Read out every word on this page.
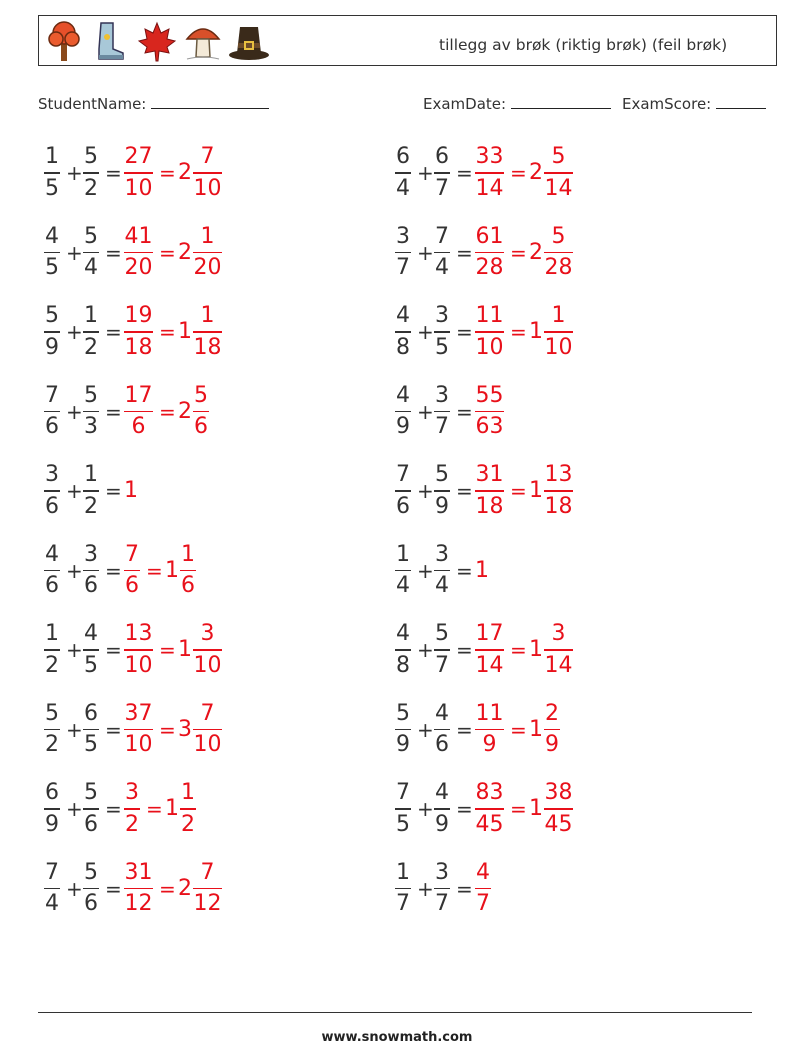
tillegg av brøk (riktig brøk) (feil brøk)
StudentName:	ExamDate:	ExamScore:
1
5
+
5
2
=
27
10
= 2
7
10
6
4
+
6
7
=
33
14
= 2
5
14
4
5
+
5
4
=
41
20
= 2
1
20
3
7
+
7
4
=
61
28
= 2
5
28
5
9
+
1
2
=
19
18
= 1
1
18
4
8
+
3
5
=
11
10
= 1
1
10
7
6
+
5
3
=
17
6
= 2
5
6
4
9
+
3
7
=
55
63
3
6
+
1
2
= 1
7
6
+
5
9
=
31
18
= 1
13
18
4
6
+
3
6
=
7
6
= 1
1
6
1
4
+
3
4
= 1
1
2
+
4
5
=
13
10
= 1
3
10
4
8
+
5
7
=
17
14
= 1
3
14
5
2
+
6
5
=
37
10
= 3
7
10
5
9
+
4
6
=
11
9
= 1
2
9
6
9
+
5
6
=
3
2
= 1
1
2
7
5
+
4
9
=
83
45
= 1
38
45
7
4
+
5
6
=
31
12
= 2
7
12
1
7
+
3
7
=
4
7
www.snowmath.com
